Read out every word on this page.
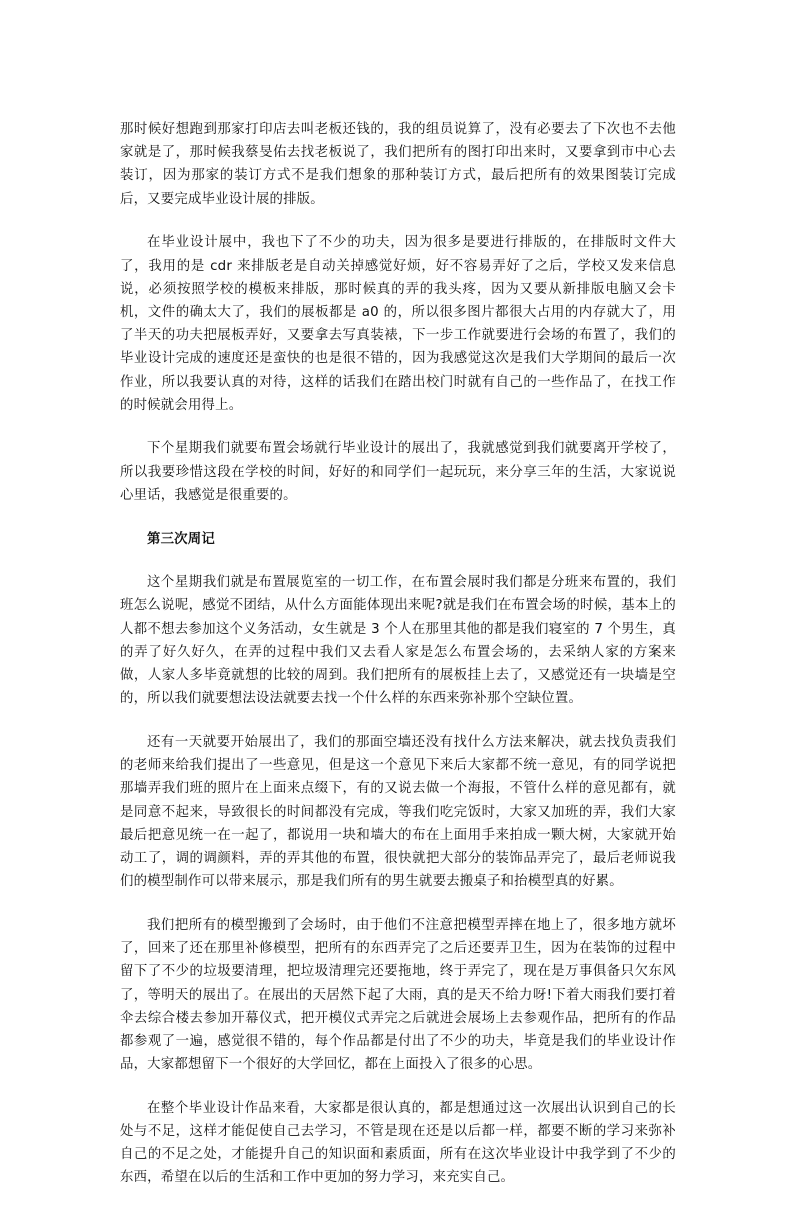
那时候好想跑到那家打印店去叫老板还钱的，我的组员说算了，没有必要去了下次也不去他家就是了，那时候我蔡旻佑去找老板说了，我们把所有的图打印出来时，又要拿到市中心去装订，因为那家的装订方式不是我们想象的那种装订方式，最后把所有的效果图装订完成后，又要完成毕业设计展的排版。

在毕业设计展中，我也下了不少的功夫，因为很多是要进行排版的，在排版时文件大了，我用的是 cdr 来排版老是自动关掉感觉好烦，好不容易弄好了之后，学校又发来信息说，必须按照学校的模板来排版，那时候真的弄的我头疼，因为又要从新排版电脑又会卡机，文件的确太大了，我们的展板都是 a0 的，所以很多图片都很大占用的内存就大了，用了半天的功夫把展板弄好，又要拿去写真装裱，下一步工作就要进行会场的布置了，我们的毕业设计完成的速度还是蛮快的也是很不错的，因为我感觉这次是我们大学期间的最后一次作业，所以我要认真的对待，这样的话我们在踏出校门时就有自己的一些作品了，在找工作的时候就会用得上。

下个星期我们就要布置会场就行毕业设计的展出了，我就感觉到我们就要离开学校了，所以我要珍惜这段在学校的时间，好好的和同学们一起玩玩，来分享三年的生活，大家说说心里话，我感觉是很重要的。

第三次周记

这个星期我们就是布置展览室的一切工作，在布置会展时我们都是分班来布置的，我们班怎么说呢，感觉不团结，从什么方面能体现出来呢?就是我们在布置会场的时候，基本上的人都不想去参加这个义务活动，女生就是 3 个人在那里其他的都是我们寝室的 7 个男生，真的弄了好久好久，在弄的过程中我们又去看人家是怎么布置会场的，去采纳人家的方案来做，人家人多毕竟就想的比较的周到。我们把所有的展板挂上去了，又感觉还有一块墙是空的，所以我们就要想法设法就要去找一个什么样的东西来弥补那个空缺位置。

还有一天就要开始展出了，我们的那面空墙还没有找什么方法来解决，就去找负责我们的老师来给我们提出了一些意见，但是这一个意见下来后大家都不统一意见，有的同学说把那墙弄我们班的照片在上面来点缀下，有的又说去做一个海报，不管什么样的意见都有，就是同意不起来，导致很长的时间都没有完成，等我们吃完饭时，大家又加班的弄，我们大家最后把意见统一在一起了，都说用一块和墙大的布在上面用手来拍成一颗大树，大家就开始动工了，调的调颜料，弄的弄其他的布置，很快就把大部分的装饰品弄完了，最后老师说我们的模型制作可以带来展示，那是我们所有的男生就要去搬桌子和抬模型真的好累。

我们把所有的模型搬到了会场时，由于他们不注意把模型弄摔在地上了，很多地方就坏了，回来了还在那里补修模型，把所有的东西弄完了之后还要弄卫生，因为在装饰的过程中留下了不少的垃圾要清理，把垃圾清理完还要拖地，终于弄完了，现在是万事俱备只欠东风了，等明天的展出了。在展出的天居然下起了大雨，真的是天不给力呀!下着大雨我们要打着伞去综合楼去参加开幕仪式，把开模仪式弄完之后就进会展场上去参观作品，把所有的作品都参观了一遍，感觉很不错的，每个作品都是付出了不少的功夫，毕竟是我们的毕业设计作品，大家都想留下一个很好的大学回忆，都在上面投入了很多的心思。

在整个毕业设计作品来看，大家都是很认真的，都是想通过这一次展出认识到自己的长处与不足，这样才能促使自己去学习，不管是现在还是以后都一样，都要不断的学习来弥补自己的不足之处，才能提升自己的知识面和素质面，所有在这次毕业设计中我学到了不少的东西，希望在以后的生活和工作中更加的努力学习，来充实自己。
